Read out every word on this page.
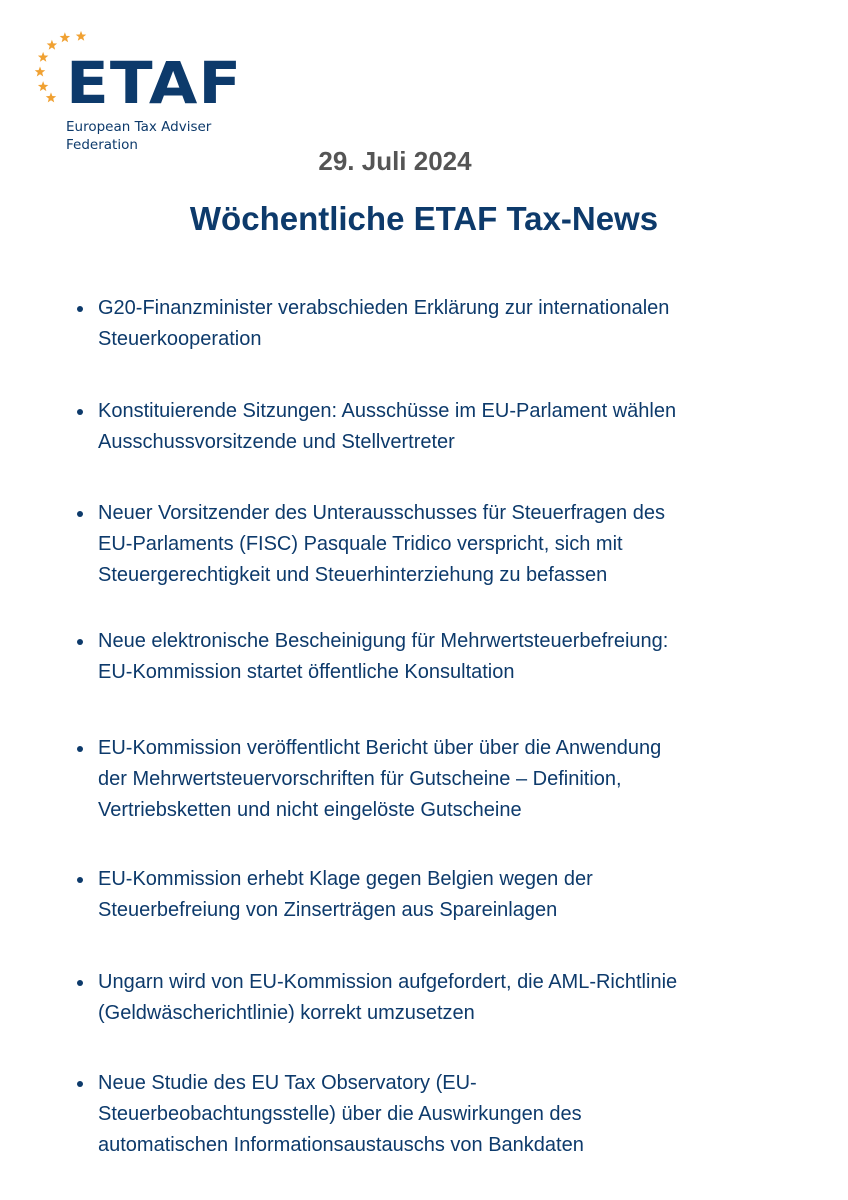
ETAF
European Tax Adviser
Federation
29. Juli 2024
Wöchentliche ETAF Tax-News
G20-Finanzminister verabschieden Erklärung zur internationalen
Steuerkooperation
Konstituierende Sitzungen: Ausschüsse im EU-Parlament wählen
Ausschussvorsitzende und Stellvertreter
Neuer Vorsitzender des Unterausschusses für Steuerfragen des
EU-Parlaments (FISC) Pasquale Tridico verspricht, sich mit
Steuergerechtigkeit und Steuerhinterziehung zu befassen
Neue elektronische Bescheinigung für Mehrwertsteuerbefreiung:
EU-Kommission startet öffentliche Konsultation
EU-Kommission veröffentlicht Bericht über über die Anwendung
der Mehrwertsteuervorschriften für Gutscheine – Definition,
Vertriebsketten und nicht eingelöste Gutscheine
EU-Kommission erhebt Klage gegen Belgien wegen der
Steuerbefreiung von Zinserträgen aus Spareinlagen
Ungarn wird von EU-Kommission aufgefordert, die AML-Richtlinie
(Geldwäscherichtlinie) korrekt umzusetzen
Neue Studie des EU Tax Observatory (EU-
Steuerbeobachtungsstelle) über die Auswirkungen des
automatischen Informationsaustauschs von Bankdaten
